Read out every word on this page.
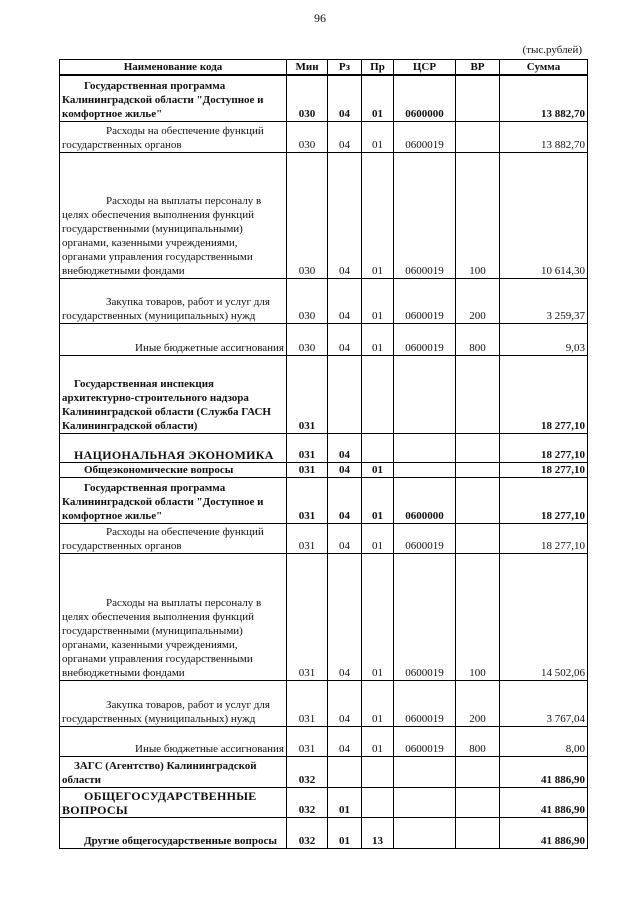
96
(тыс.рублей)
Наименование кода	Мин	Рз	Пр	ЦСР	ВР	Сумма
Государственная программа Калининградской области "Доступное и комфортное жилье"	030	04	01	0600000		13 882,70
Расходы на обеспечение функций государственных органов	030	04	01	0600019		13 882,70
Расходы на выплаты персоналу в целях обеспечения выполнения функций государственными (муниципальными) органами, казенными учреждениями, органами управления государственными внебюджетными фондами	030	04	01	0600019	100	10 614,30
Закупка товаров, работ и услуг для государственных (муниципальных) нужд	030	04	01	0600019	200	3 259,37
Иные бюджетные ассигнования	030	04	01	0600019	800	9,03
Государственная инспекция архитектурно-строительного надзора Калининградской области (Служба ГАСН Калининградской области)	031					18 277,10
НАЦИОНАЛЬНАЯ ЭКОНОМИКА	031	04				18 277,10
Общеэкономические вопросы	031	04	01			18 277,10
Государственная программа Калининградской области "Доступное и комфортное жилье"	031	04	01	0600000		18 277,10
Расходы на обеспечение функций государственных органов	031	04	01	0600019		18 277,10
Расходы на выплаты персоналу в целях обеспечения выполнения функций государственными (муниципальными) органами, казенными учреждениями, органами управления государственными внебюджетными фондами	031	04	01	0600019	100	14 502,06
Закупка товаров, работ и услуг для государственных (муниципальных) нужд	031	04	01	0600019	200	3 767,04
Иные бюджетные ассигнования	031	04	01	0600019	800	8,00
ЗАГС (Агентство) Калининградской области	032					41 886,90
ОБЩЕГОСУДАРСТВЕННЫЕ ВОПРОСЫ	032	01				41 886,90
Другие общегосударственные вопросы	032	01	13			41 886,90
